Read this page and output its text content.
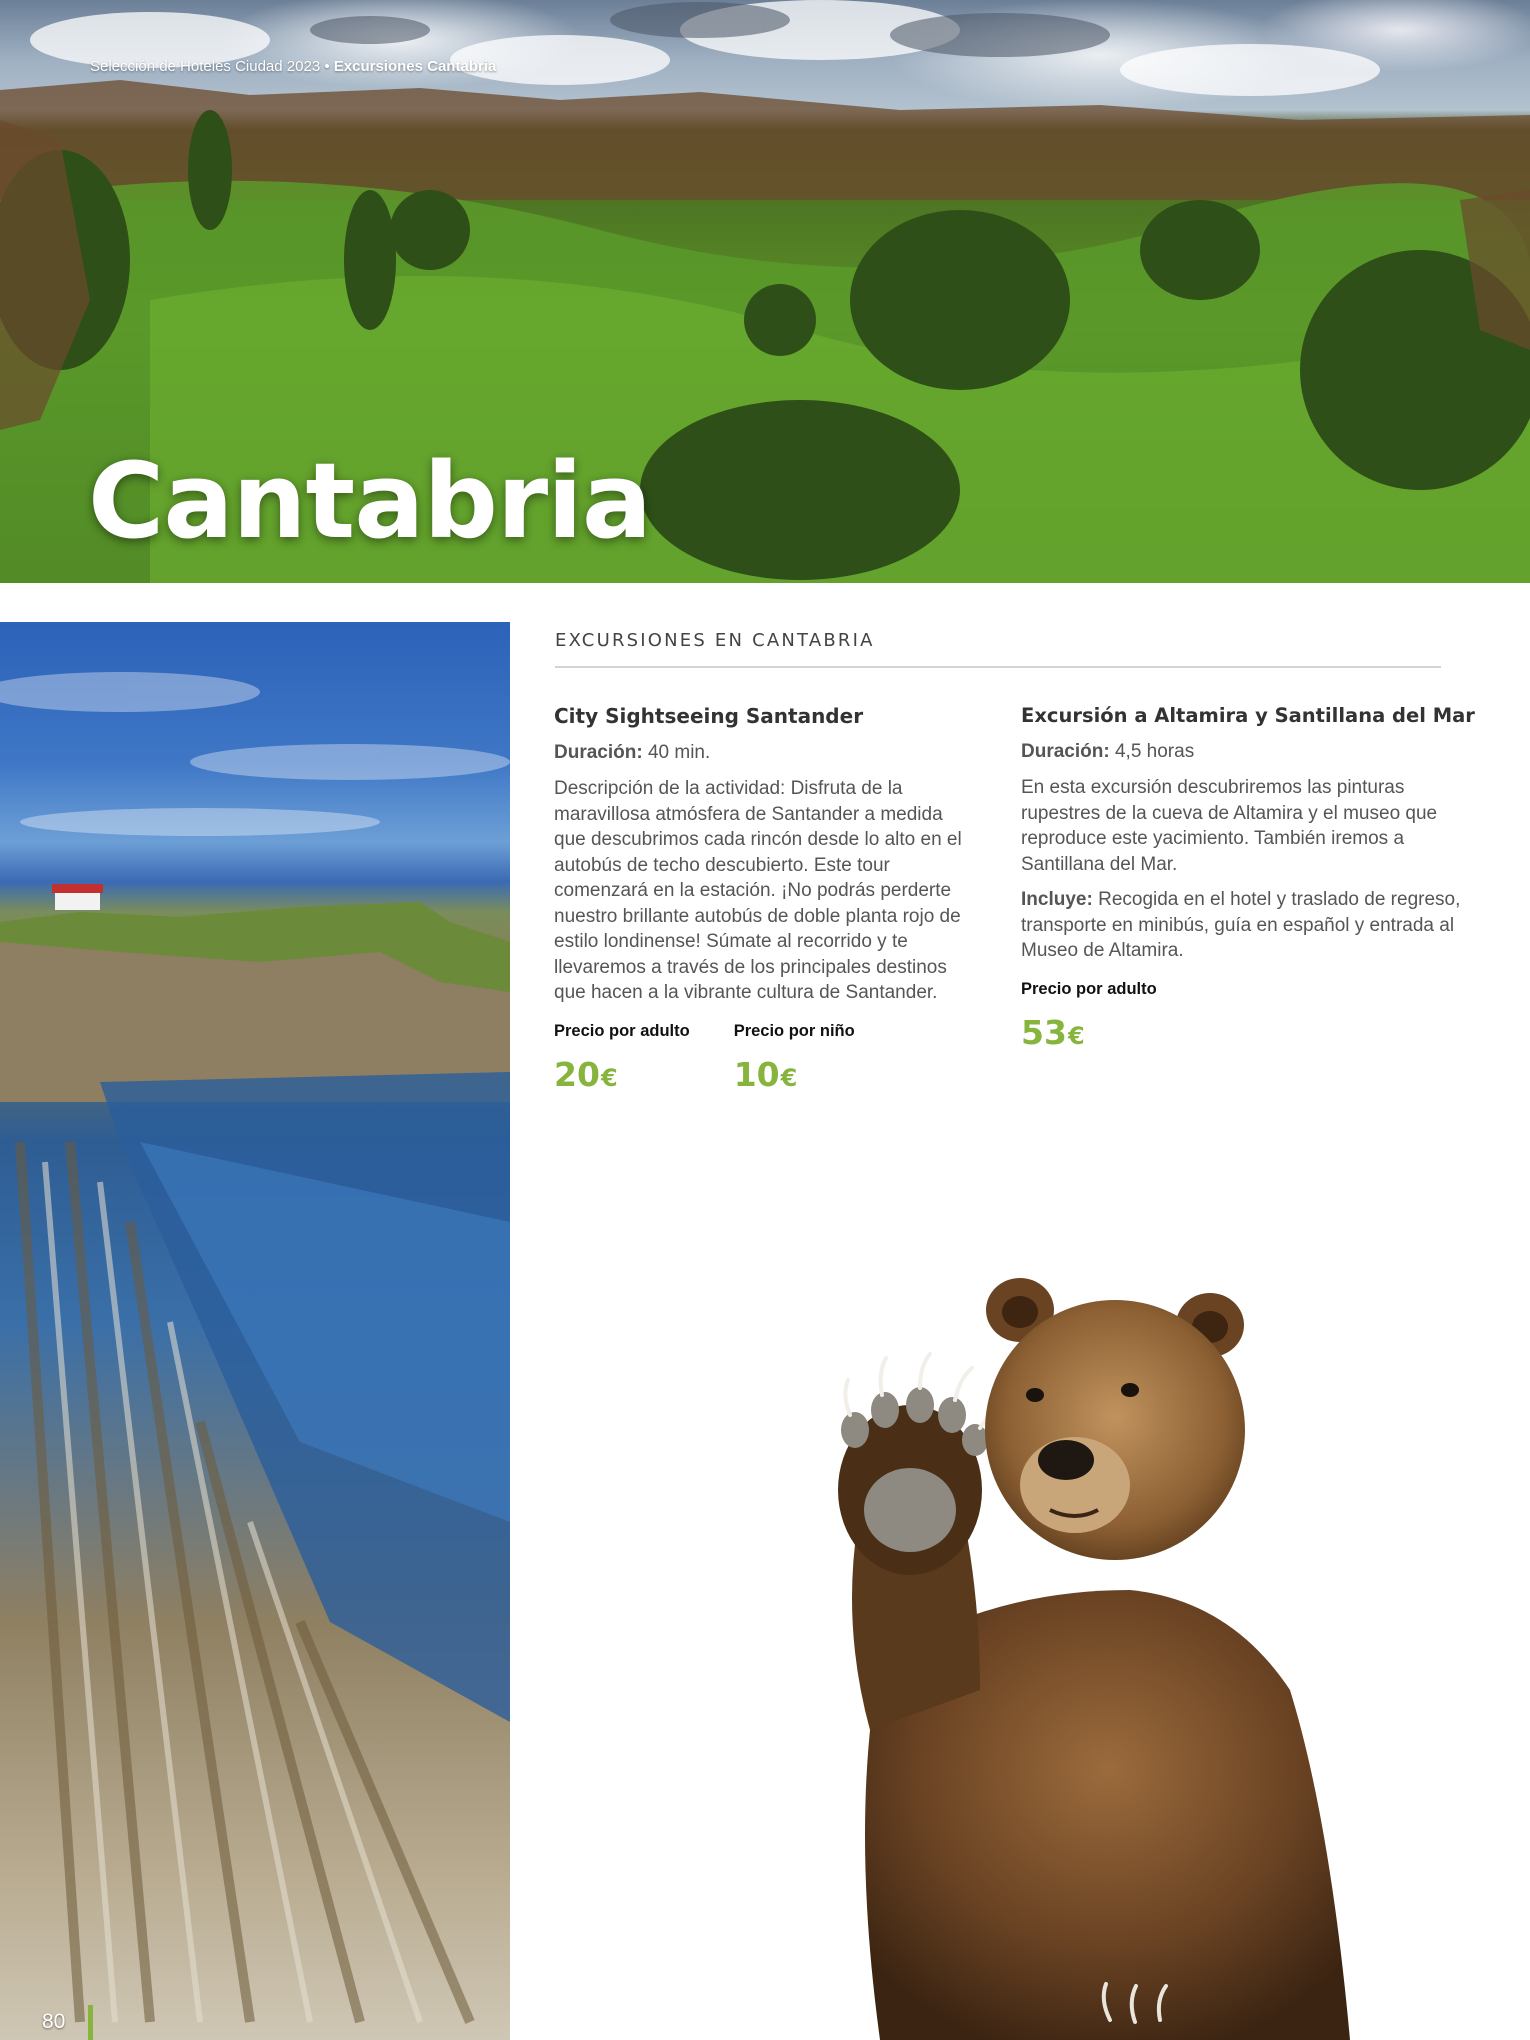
Selección de Hoteles Ciudad 2023 • Excursiones Cantabria
Cantabria
EXCURSIONES EN CANTABRIA
City Sightseeing Santander
Duración: 40 min.
Descripción de la actividad: Disfruta de la maravillosa atmósfera de Santander a medida que descubrimos cada rincón desde lo alto en el autobús de techo descubierto. Este tour comenzará en la estación. ¡No podrás perderte nuestro brillante autobús de doble planta rojo de estilo londinense! Súmate al recorrido y te llevaremos a través de los principales destinos que hacen a la vibrante cultura de Santander.
Precio por adulto
20€
Precio por niño
10€
Excursión a Altamira y Santillana del Mar
Duración: 4,5 horas
En esta excursión descubriremos las pinturas rupestres de la cueva de Altamira y el museo que reproduce este yacimiento. También iremos a Santillana del Mar.
Incluye: Recogida en el hotel y traslado de regreso, transporte en minibús, guía en español y entrada al Museo de Altamira.
Precio por adulto
53€
80
